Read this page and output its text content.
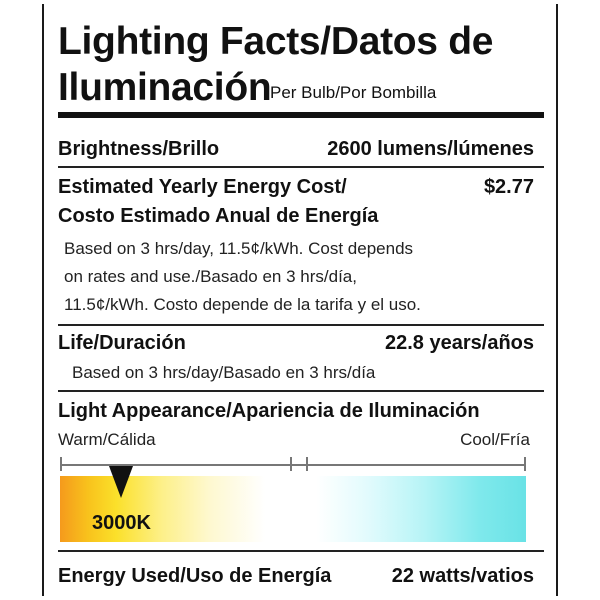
Lighting Facts/Datos de
Iluminación
Per Bulb/Por Bombilla
Brightness/Brillo	2600 lumens/lúmenes
Estimated Yearly Energy Cost/	$2.77
Costo Estimado Anual de Energía
Based on 3 hrs/day, 11.5¢/kWh. Cost depends
on rates and use./Basado en 3 hrs/día,
11.5¢/kWh. Costo depende de la tarifa y el uso.
Life/Duración	22.8 years/años
Based on 3 hrs/day/Basado en 3 hrs/día
Light Appearance/Apariencia de Iluminación
Warm/Cálida	Cool/Fría
3000K
Energy Used/Uso de Energía	22 watts/vatios
